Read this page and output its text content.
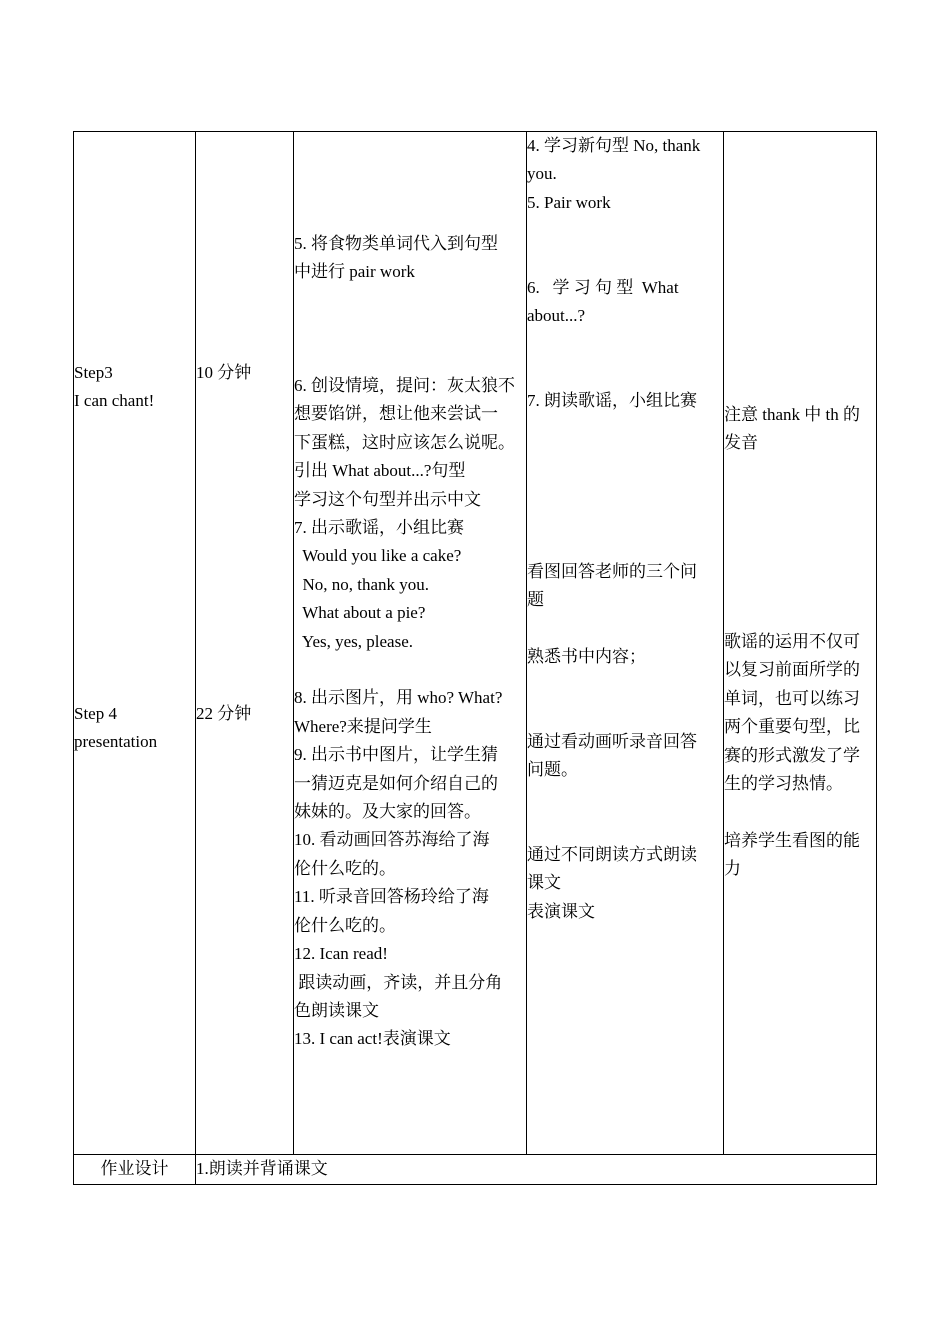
Step3
I can chant!
Step 4
presentation
10 分钟
22 分钟
5. 将食物类单词代入到句型
中进行 pair work
6. 创设情境，提问：灰太狼不
想要馅饼，想让他来尝试一
下蛋糕，这时应该怎么说呢。
引出 What about...?句型
学习这个句型并出示中文
7. 出示歌谣，小组比赛
Would you like a cake?
No, no, thank you.
What about a pie?
Yes, yes, please.
8. 出示图片，用 who? What?
Where?来提问学生
9. 出示书中图片，让学生猜
一猜迈克是如何介绍自己的
妹妹的。及大家的回答。
10. 看动画回答苏海给了海
伦什么吃的。
11. 听录音回答杨玲给了海
伦什么吃的。
12. Ican read!
跟读动画，齐读，并且分角
色朗读课文
13. I can act!表演课文
4. 学习新句型 No, thank
you.
5. Pair work
6.   学 习 句 型  What
about...?
7. 朗读歌谣，小组比赛
看图回答老师的三个问
题
熟悉书中内容；
通过看动画听录音回答
问题。
通过不同朗读方式朗读
课文
表演课文
注意 thank 中 th 的
发音
歌谣的运用不仅可
以复习前面所学的
单词，也可以练习
两个重要句型，比
赛的形式激发了学
生的学习热情。
培养学生看图的能
力
作业设计	1.朗读并背诵课文
